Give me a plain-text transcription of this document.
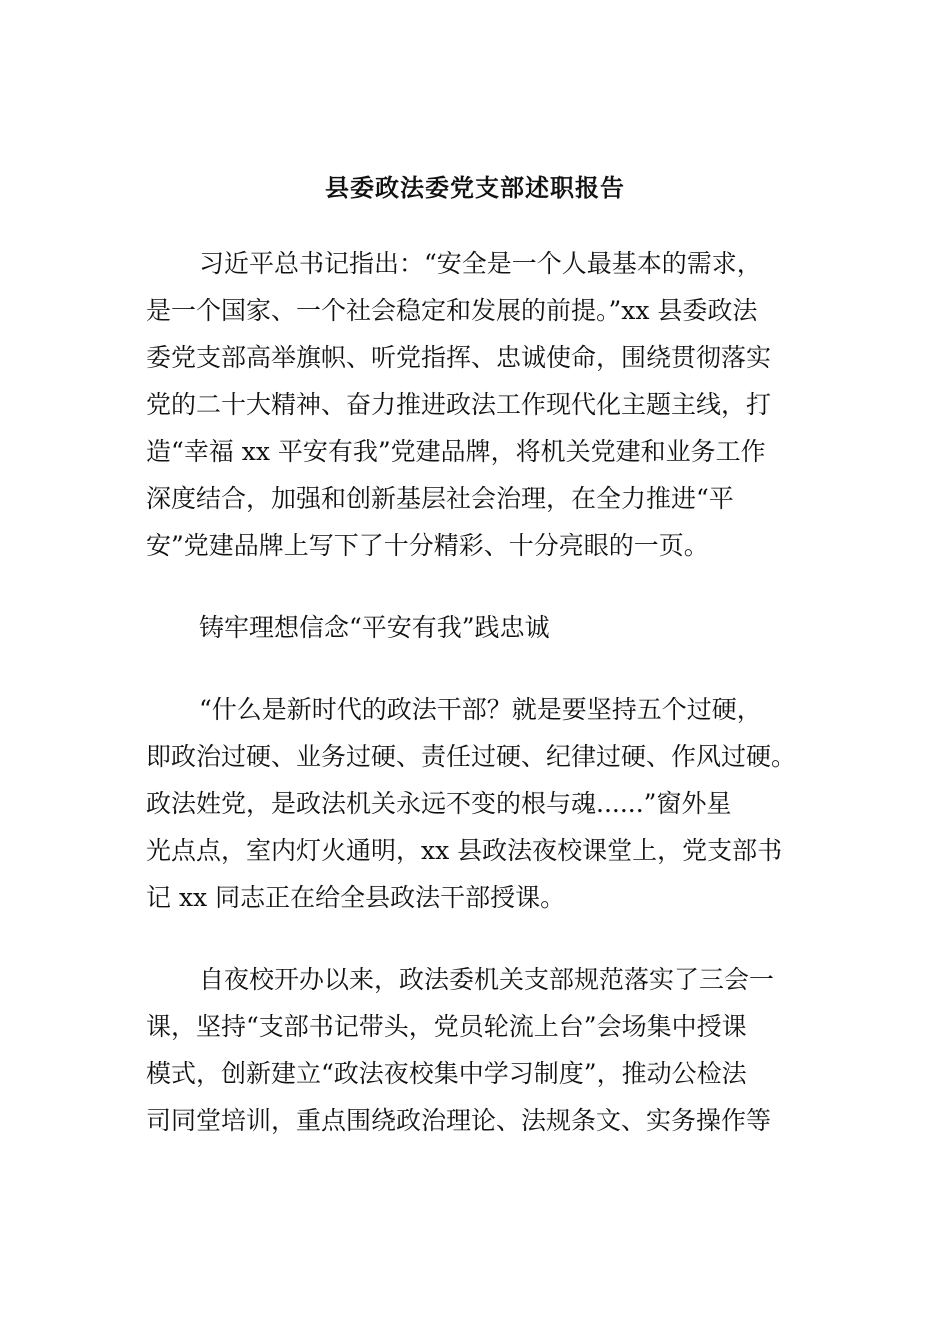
县委政法委党支部述职报告

习近平总书记指出：“安全是一个人最基本的需求，
是一个国家、一个社会稳定和发展的前提。”xx 县委政法
委党支部高举旗帜、听党指挥、忠诚使命，围绕贯彻落实
党的二十大精神、奋力推进政法工作现代化主题主线，打
造“幸福 xx 平安有我”党建品牌，将机关党建和业务工作
深度结合，加强和创新基层社会治理，在全力推进“平
安”党建品牌上写下了十分精彩、十分亮眼的一页。

铸牢理想信念“平安有我”践忠诚

“什么是新时代的政法干部？就是要坚持五个过硬，
即政治过硬、业务过硬、责任过硬、纪律过硬、作风过硬。
政法姓党，是政法机关永远不变的根与魂......”窗外星
光点点，室内灯火通明，xx 县政法夜校课堂上，党支部书
记 xx 同志正在给全县政法干部授课。

自夜校开办以来，政法委机关支部规范落实了三会一
课，坚持“支部书记带头，党员轮流上台”会场集中授课
模式，创新建立“政法夜校集中学习制度”，推动公检法
司同堂培训，重点围绕政治理论、法规条文、实务操作等
